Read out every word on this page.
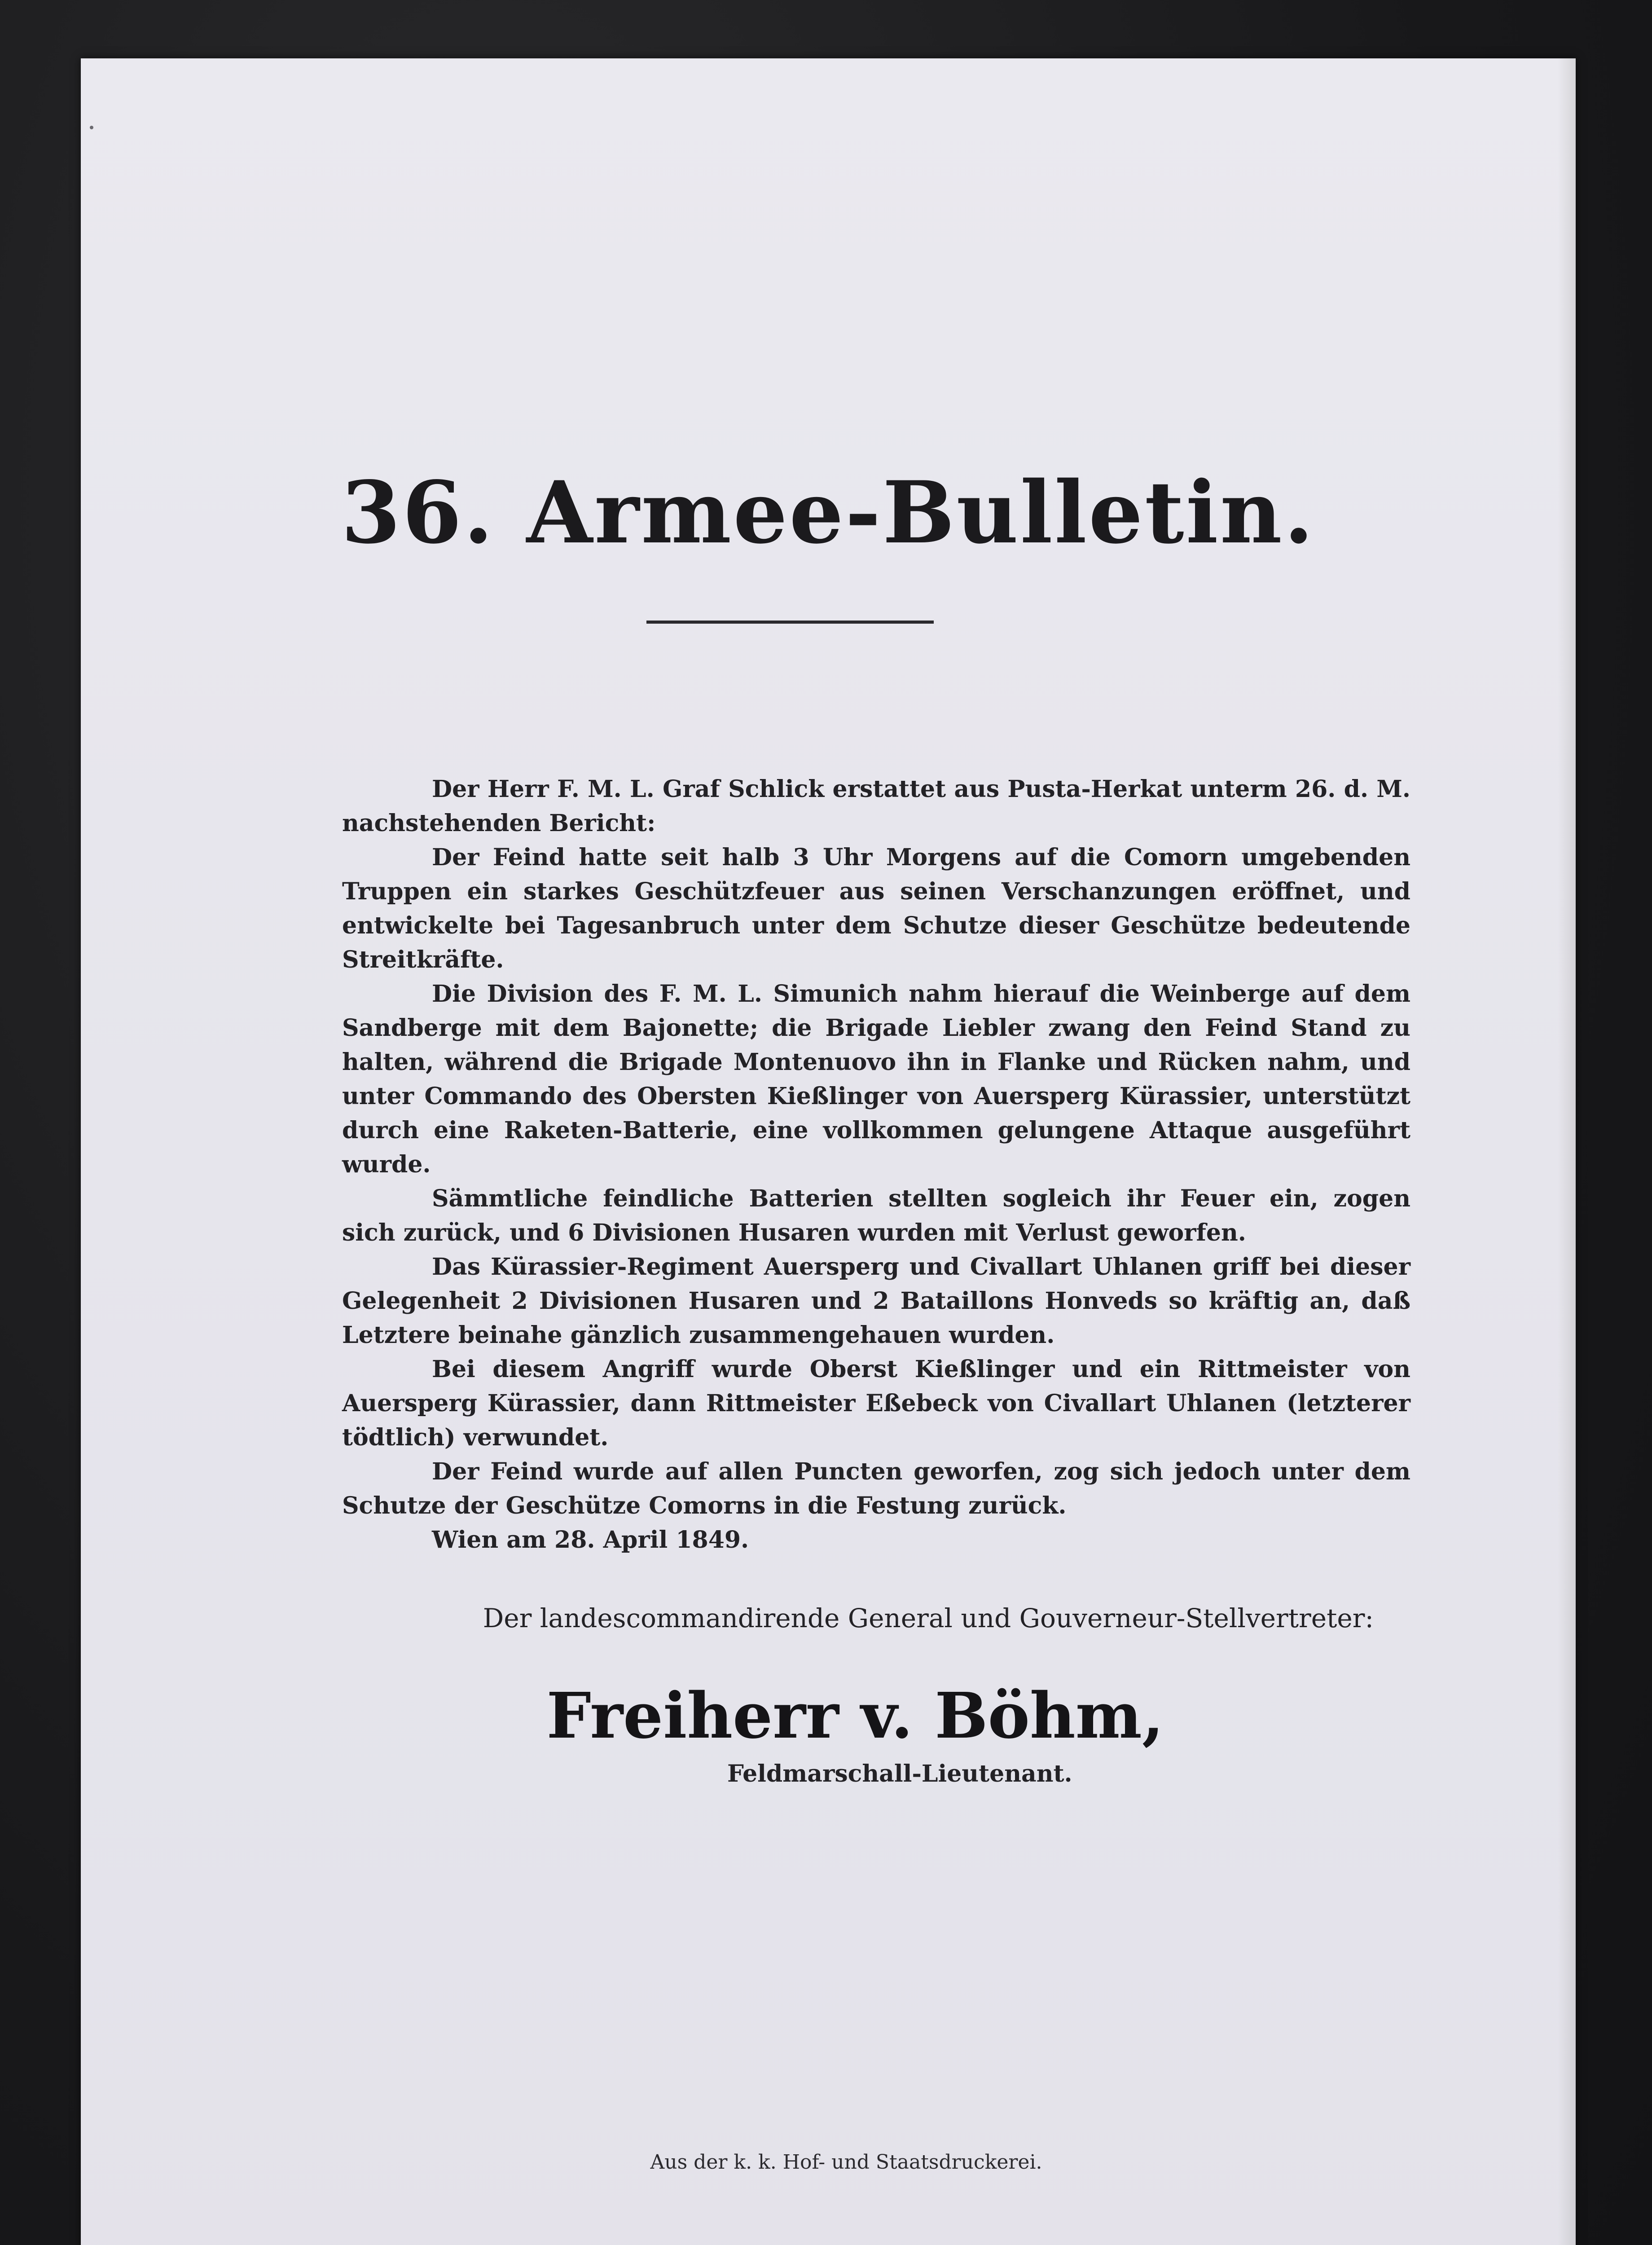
36. Armee-Bulletin.

Der Herr F. M. L. Graf Schlick erstattet aus Pusta-Herkat unterm 26. d. M. nachstehenden Bericht:

Der Feind hatte seit halb 3 Uhr Morgens auf die Comorn umgebenden Truppen ein starkes Geschützfeuer aus seinen Verschanzungen eröffnet, und entwickelte bei Tagesanbruch unter dem Schutze dieser Geschütze bedeutende Streitkräfte.

Die Division des F. M. L. Simunich nahm hierauf die Weinberge auf dem Sandberge mit dem Bajonette; die Brigade Liebler zwang den Feind Stand zu halten, während die Brigade Montenuovo ihn in Flanke und Rücken nahm, und unter Commando des Obersten Kießlinger von Auersperg Kürassier, unterstützt durch eine Raketen-Batterie, eine vollkommen gelungene Attaque ausgeführt wurde.

Sämmtliche feindliche Batterien stellten sogleich ihr Feuer ein, zogen sich zurück, und 6 Divisionen Husaren wurden mit Verlust geworfen.

Das Kürassier-Regiment Auersperg und Civallart Uhlanen griff bei dieser Gelegenheit 2 Divisionen Husaren und 2 Bataillons Honveds so kräftig an, daß Letztere beinahe gänzlich zusammengehauen wurden.

Bei diesem Angriff wurde Oberst Kießlinger und ein Rittmeister von Auersperg Kürassier, dann Rittmeister Eßebeck von Civallart Uhlanen (letzterer tödtlich) verwundet.

Der Feind wurde auf allen Puncten geworfen, zog sich jedoch unter dem Schutze der Geschütze Comorns in die Festung zurück.

Wien am 28. April 1849.

Der landescommandirende General und Gouverneur-Stellvertreter:
Freiherr v. Böhm,
Feldmarschall-Lieutenant.
Aus der k. k. Hof- und Staatsdruckerei.
